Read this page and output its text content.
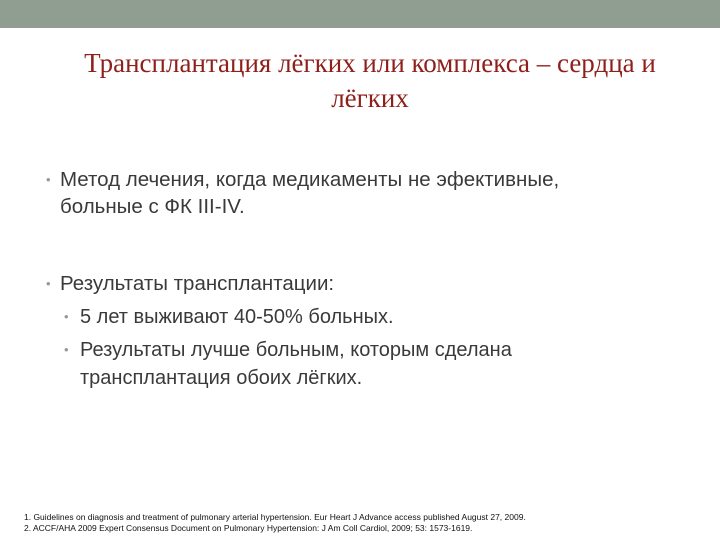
Трансплантация лёгких или комплекса – сердца и
лёгких
• Метод лечения, когда медикаменты не эфективные,
больные с ФК III-IV.
• Результаты трансплантации:
• 5 лет выживают 40-50% больных.
• Результаты лучше больным, которым сделана
трансплантация обоих лёгких.
1. Guidelines on diagnosis and treatment of pulmonary arterial hypertension. Eur Heart J Advance access published August 27, 2009.
2. ACCF/AHA 2009 Expert Consensus Document on Pulmonary Hypertension: J Am Coll Cardiol, 2009; 53: 1573-1619.
